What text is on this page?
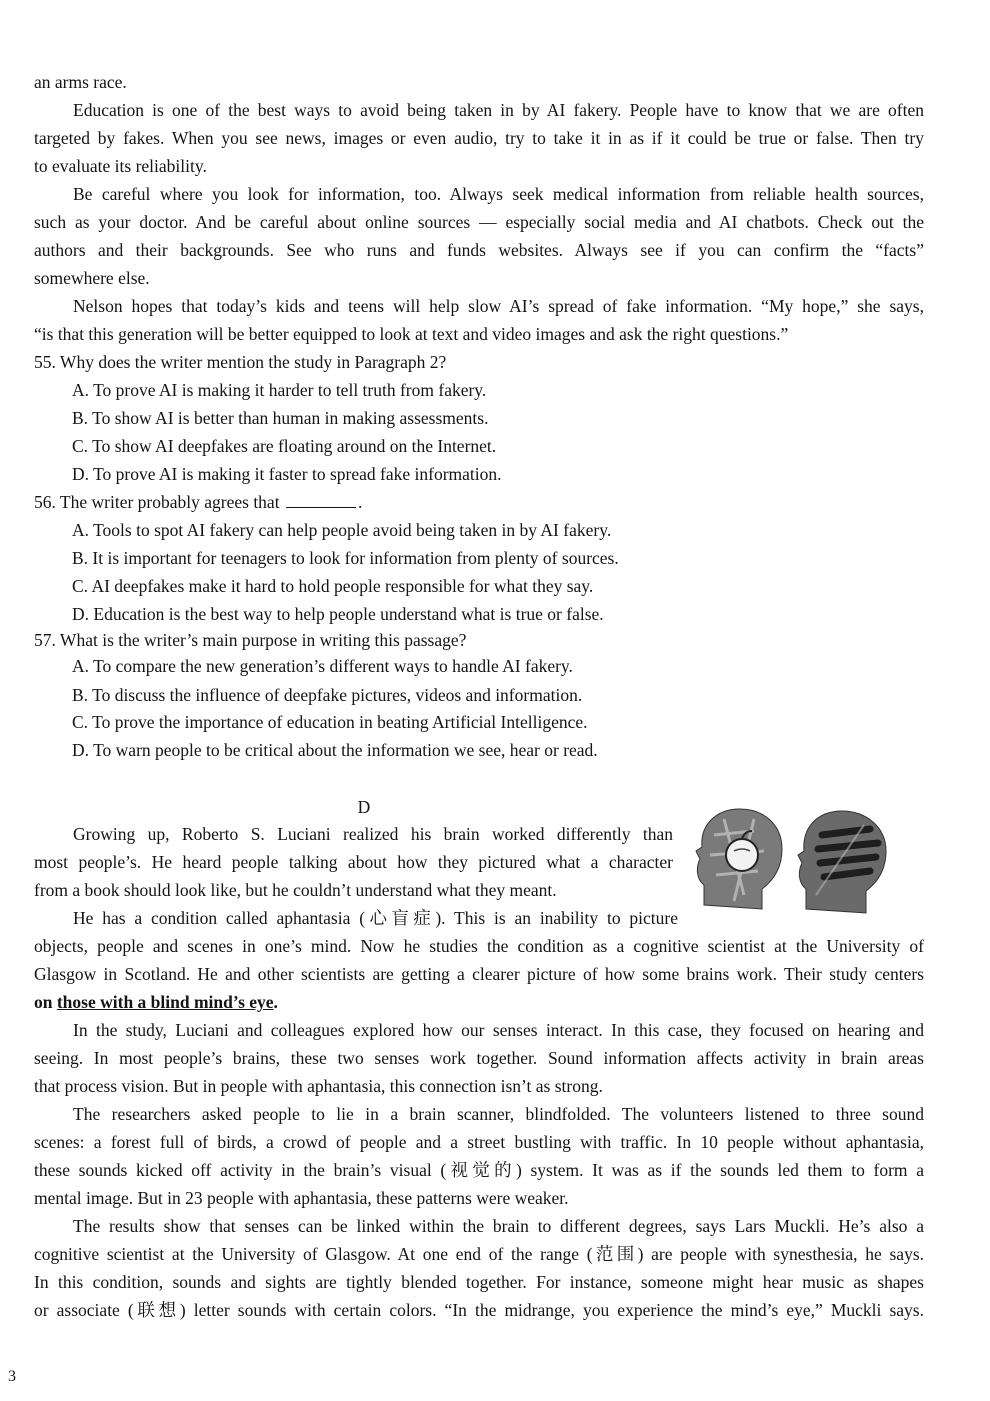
an arms race.
Education is one of the best ways to avoid being taken in by AI fakery. People have to know that we are often
targeted by fakes. When you see news, images or even audio, try to take it in as if it could be true or false. Then try
to evaluate its reliability.
Be careful where you look for information, too. Always seek medical information from reliable health sources,
such as your doctor. And be careful about online sources — especially social media and AI chatbots. Check out the
authors and their backgrounds. See who runs and funds websites. Always see if you can confirm the “facts”
somewhere else.
Nelson hopes that today’s kids and teens will help slow AI’s spread of fake information. “My hope,” she says,
“is that this generation will be better equipped to look at text and video images and ask the right questions.”
55. Why does the writer mention the study in Paragraph 2?
A. To prove AI is making it harder to tell truth from fakery.
B. To show AI is better than human in making assessments.
C. To show AI deepfakes are floating around on the Internet.
D. To prove AI is making it faster to spread fake information.
56. The writer probably agrees that	.
A. Tools to spot AI fakery can help people avoid being taken in by AI fakery.
B. It is important for teenagers to look for information from plenty of sources.
C. AI deepfakes make it hard to hold people responsible for what they say.
D. Education is the best way to help people understand what is true or false.
57. What is the writer’s main purpose in writing this passage?
A. To compare the new generation’s different ways to handle AI fakery.
B. To discuss the influence of deepfake pictures, videos and information.
C. To prove the importance of education in beating Artificial Intelligence.
D. To warn people to be critical about the information we see, hear or read.
D
Growing up, Roberto S. Luciani realized his brain worked differently than
most people’s. He heard people talking about how they pictured what a character
from a book should look like, but he couldn’t understand what they meant.
He has a condition called aphantasia (心盲症). This is an inability to picture
objects, people and scenes in one’s mind. Now he studies the condition as a cognitive scientist at the University of
Glasgow in Scotland. He and other scientists are getting a clearer picture of how some brains work. Their study centers
on those with a blind mind’s eye.
In the study, Luciani and colleagues explored how our senses interact. In this case, they focused on hearing and
seeing. In most people’s brains, these two senses work together. Sound information affects activity in brain areas
that process vision. But in people with aphantasia, this connection isn’t as strong.
The researchers asked people to lie in a brain scanner, blindfolded. The volunteers listened to three sound
scenes: a forest full of birds, a crowd of people and a street bustling with traffic. In 10 people without aphantasia,
these sounds kicked off activity in the brain’s visual (视觉的) system. It was as if the sounds led them to form a
mental image. But in 23 people with aphantasia, these patterns were weaker.
The results show that senses can be linked within the brain to different degrees, says Lars Muckli. He’s also a
cognitive scientist at the University of Glasgow. At one end of the range (范围) are people with synesthesia, he says.
In this condition, sounds and sights are tightly blended together. For instance, someone might hear music as shapes
or associate (联想) letter sounds with certain colors. “In the midrange, you experience the mind’s eye,” Muckli says.
3
